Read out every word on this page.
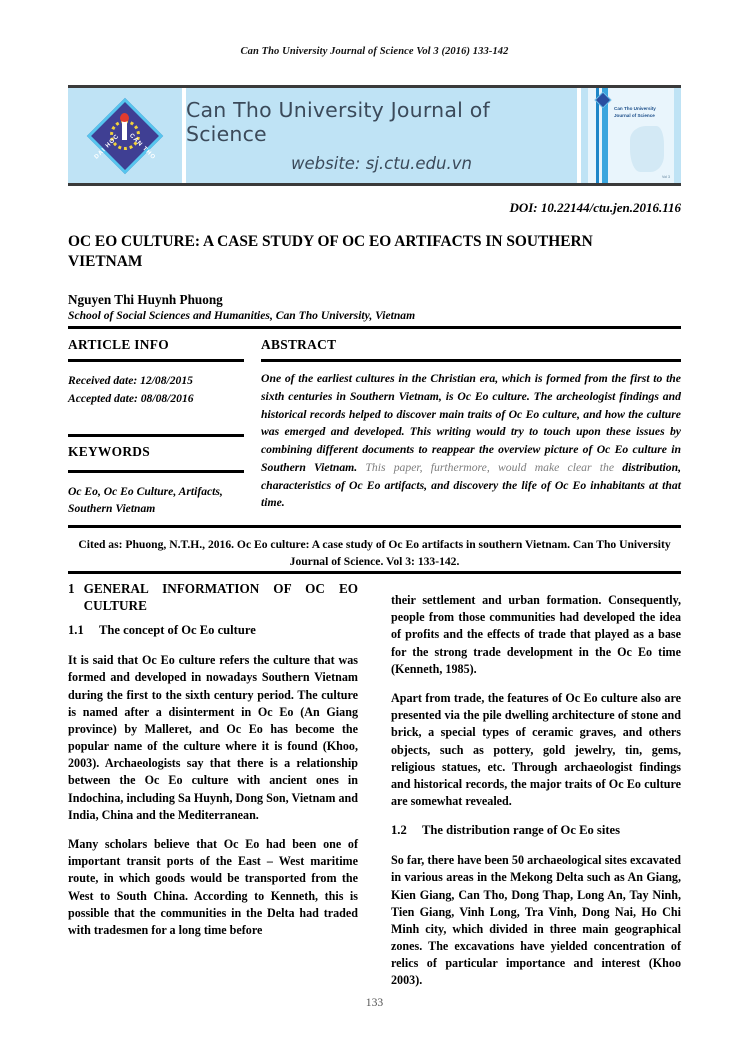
Can Tho University Journal of Science Vol 3 (2016) 133-142
DAI HOC CAN THO
Can Tho University Journal of Science
website: sj.ctu.edu.vn
Can Tho University Journal of Science
Vol 3
DOI: 10.22144/ctu.jen.2016.116
OC EO CULTURE: A CASE STUDY OF OC EO ARTIFACTS IN SOUTHERN VIETNAM
Nguyen Thi Huynh Phuong
School of Social Sciences and Humanities, Can Tho University, Vietnam
ARTICLE INFO	ABSTRACT
Received date: 12/08/2015
Accepted date: 08/08/2016
KEYWORDS
Oc Eo, Oc Eo Culture, Artifacts, Southern Vietnam
One of the earliest cultures in the Christian era, which is formed from the first to the sixth centuries in Southern Vietnam, is Oc Eo culture. The archeologist findings and historical records helped to discover main traits of Oc Eo culture, and how the culture was emerged and developed. This writing would try to touch upon these issues by combining different documents to reappear the overview picture of Oc Eo culture in Southern Vietnam. This paper, furthermore, would make clear the distribution, characteristics of Oc Eo artifacts, and discovery the life of Oc Eo inhabitants at that time.
Cited as: Phuong, N.T.H., 2016. Oc Eo culture: A case study of Oc Eo artifacts in southern Vietnam. Can Tho University Journal of Science. Vol 3: 133-142.
1 GENERAL INFORMATION OF OC EO CULTURE
1.1	The concept of Oc Eo culture

It is said that Oc Eo culture refers the culture that was formed and developed in nowadays Southern Vietnam during the first to the sixth century period. The culture is named after a disinterment in Oc Eo (An Giang province) by Malleret, and Oc Eo has become the popular name of the culture where it is found (Khoo, 2003). Archaeologists say that there is a relationship between the Oc Eo culture with ancient ones in Indochina, including Sa Huynh, Dong Son, Vietnam and India, China and the Mediterranean.

Many scholars believe that Oc Eo had been one of important transit ports of the East – West maritime route, in which goods would be transported from the West to South China. According to Kenneth, this is possible that the communities in the Delta had traded with tradesmen for a long time before

their settlement and urban formation. Consequently, people from those communities had developed the idea of profits and the effects of trade that played as a base for the strong trade development in the Oc Eo time (Kenneth, 1985).

Apart from trade, the features of Oc Eo culture also are presented via the pile dwelling architecture of stone and brick, a special types of ceramic graves, and others objects, such as pottery, gold jewelry, tin, gems, religious statues, etc. Through archaeologist findings and historical records, the major traits of Oc Eo culture are somewhat revealed.

1.2	The distribution range of Oc Eo sites

So far, there have been 50 archaeological sites excavated in various areas in the Mekong Delta such as An Giang, Kien Giang, Can Tho, Dong Thap, Long An, Tay Ninh, Tien Giang, Vinh Long, Tra Vinh, Dong Nai, Ho Chi Minh city, which divided in three main geographical zones. The excavations have yielded concentration of relics of particular importance and interest (Khoo 2003).

133
